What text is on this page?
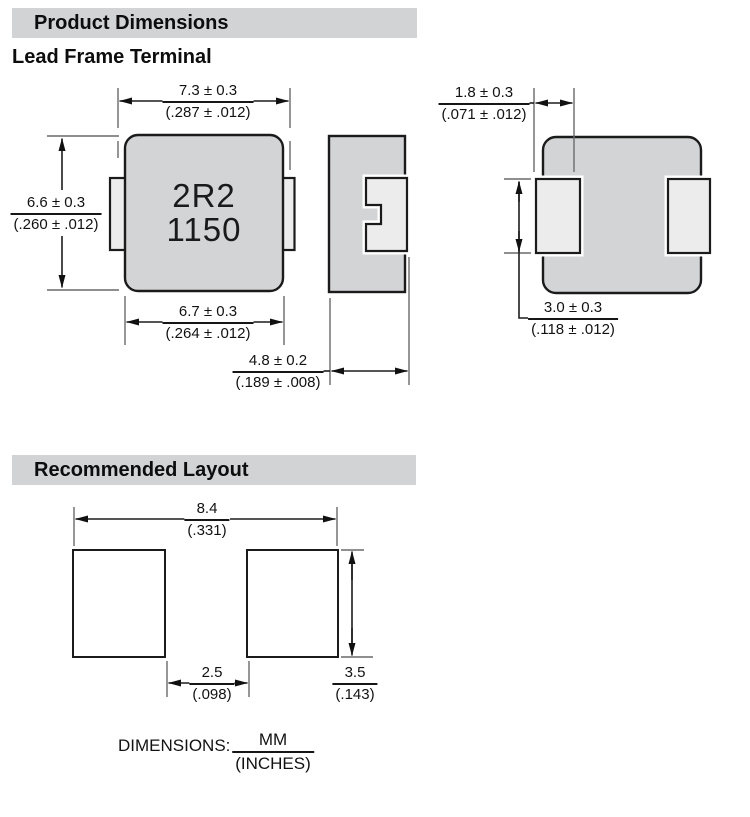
Product Dimensions
Lead Frame Terminal
2R2
1150
7.3 ± 0.3
(.287 ± .012)
6.6 ± 0.3
(.260 ± .012)
6.7 ± 0.3
(.264 ± .012)
4.8 ± 0.2
(.189 ± .008)
1.8 ± 0.3
(.071 ± .012)
3.0 ± 0.3
(.118 ± .012)
Recommended Layout
8.4
(.331)
2.5
(.098)
3.5
(.143)
DIMENSIONS:	MM
(INCHES)
